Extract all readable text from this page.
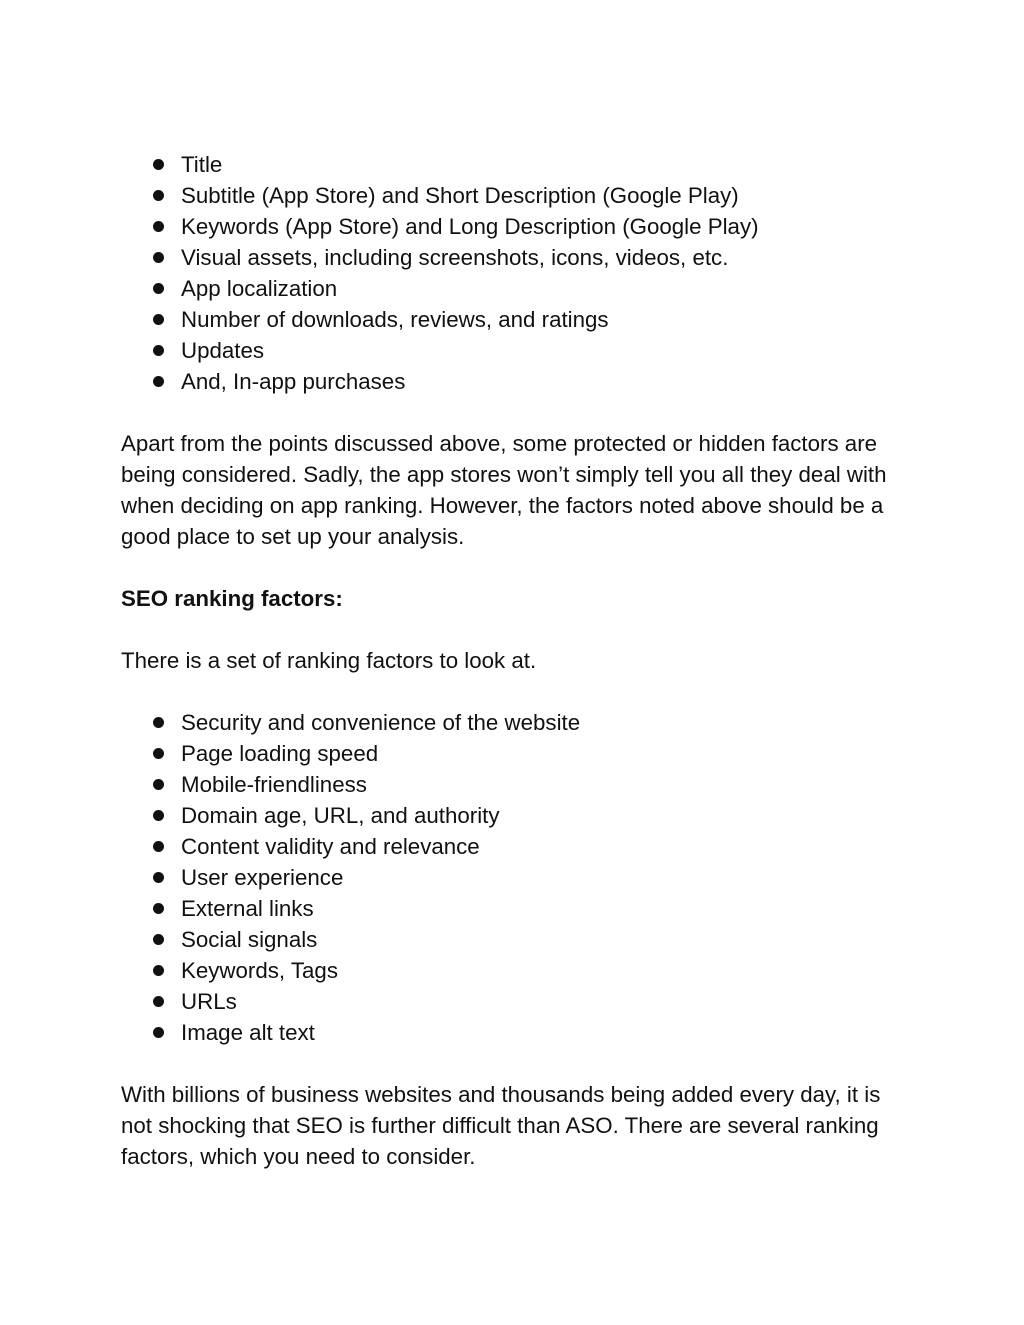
Title
Subtitle (App Store) and Short Description (Google Play)
Keywords (App Store) and Long Description (Google Play)
Visual assets, including screenshots, icons, videos, etc.
App localization
Number of downloads, reviews, and ratings
Updates
And, In-app purchases

Apart from the points discussed above, some protected or hidden factors are being considered. Sadly, the app stores won’t simply tell you all they deal with when deciding on app ranking. However, the factors noted above should be a good place to set up your analysis.

SEO ranking factors:

There is a set of ranking factors to look at.

Security and convenience of the website
Page loading speed
Mobile-friendliness
Domain age, URL, and authority
Content validity and relevance
User experience
External links
Social signals
Keywords, Tags
URLs
Image alt text

With billions of business websites and thousands being added every day, it is not shocking that SEO is further difficult than ASO. There are several ranking factors, which you need to consider.
